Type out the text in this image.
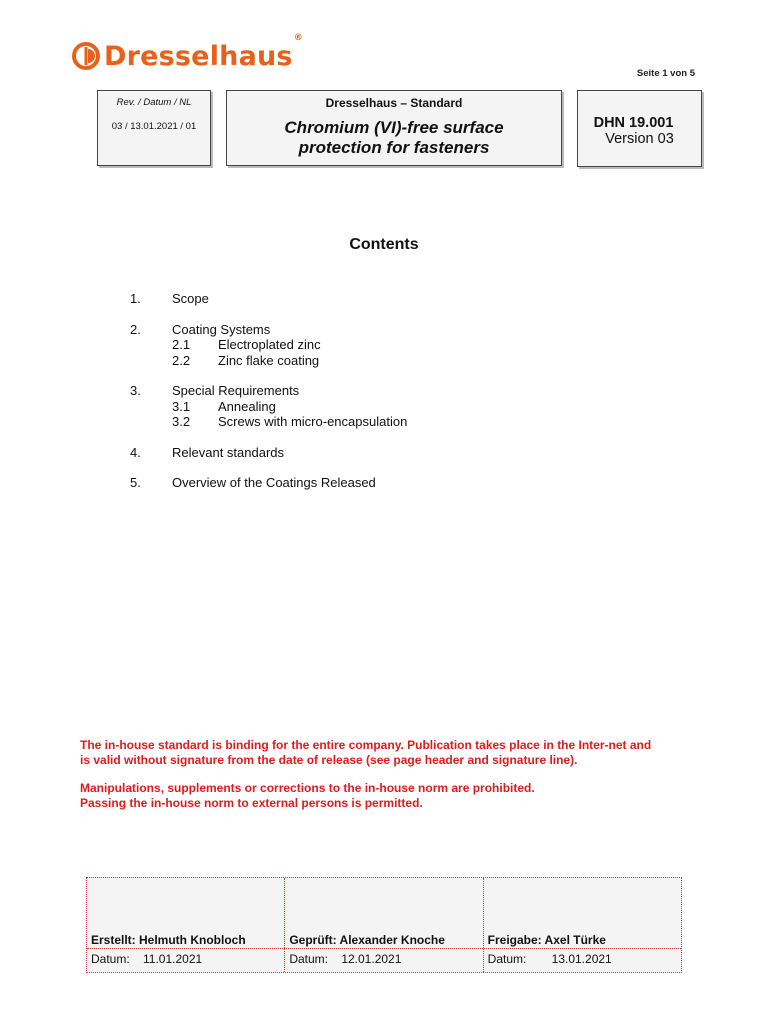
Dresselhaus®
Seite 1 von 5
Rev. / Datum / NL
03 / 13.01.2021 / 01
Dresselhaus – Standard
Chromium (VI)-free surface
protection for fasteners
DHN 19.001
Version 03
Contents
1.	Scope
2.	Coating Systems
2.1	Electroplated zinc
2.2	Zinc flake coating
3.	Special Requirements
3.1	Annealing
3.2	Screws with micro-encapsulation
4.	Relevant standards
5.	Overview of the Coatings Released

The in-house standard is binding for the entire company. Publication takes place in the Inter-net and is valid without signature from the date of release (see page header and signature line).

Manipulations, supplements or corrections to the in-house norm are prohibited.
Passing the in-house norm to external persons is permitted.

Erstellt: Helmuth Knobloch
Datum:	11.01.2021
Geprüft: Alexander Knoche
Datum:	12.01.2021
Freigabe: Axel Türke
Datum:	13.01.2021
